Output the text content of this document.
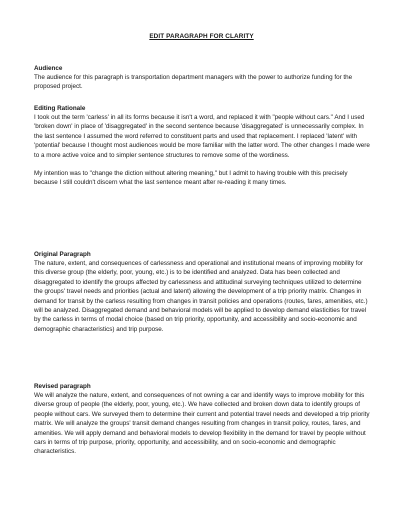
EDIT PARAGRAPH FOR CLARITY

Audience

The audience for this paragraph is transportation department managers with the power to authorize funding for the proposed project.

Editing Rationale

I took out the term 'carless' in all its forms because it isn't a word, and replaced it with "people without cars." And I used 'broken down' in place of 'disaggregated' in the second sentence because 'disaggregated' is unnecessarily complex. In the last sentence I assumed the word referred to constituent parts and used that replacement. I replaced 'latent' with 'potential' because I thought most audiences would be more familiar with the latter word. The other changes I made were to a more active voice and to simpler sentence structures to remove some of the wordiness.

My intention was to "change the diction without altering meaning," but I admit to having trouble with this precisely because I still couldn't discern what the last sentence meant after re-reading it many times.

Original Paragraph

The nature, extent, and consequences of carlessness and operational and institutional means of improving mobility for this diverse group (the elderly, poor, young, etc.) is to be identified and analyzed. Data has been collected and disaggregated to identify the groups affected by carlessness and attitudinal surveying techniques utilized to determine the groups' travel needs and priorities (actual and latent) allowing the development of a trip priority matrix. Changes in demand for transit by the carless resulting from changes in transit policies and operations (routes, fares, amenities, etc.) will be analyzed. Disaggregated demand and behavioral models will be applied to develop demand elasticities for travel by the carless in terms of modal choice (based on trip priority, opportunity, and accessibility and socio-economic and demographic characteristics) and trip purpose.

Revised paragraph

We will analyze the nature, extent, and consequences of not owning a car and identify ways to improve mobility for this diverse group of people (the elderly, poor, young, etc.). We have collected and broken down data to identify groups of people without cars. We surveyed them to determine their current and potential travel needs and developed a trip priority matrix. We will analyze the groups' transit demand changes resulting from changes in transit policy, routes, fares, and amenities. We will apply demand and behavioral models to develop flexibility in the demand for travel by people without cars in terms of trip purpose, priority, opportunity, and accessibility, and on socio-economic and demographic characteristics.
